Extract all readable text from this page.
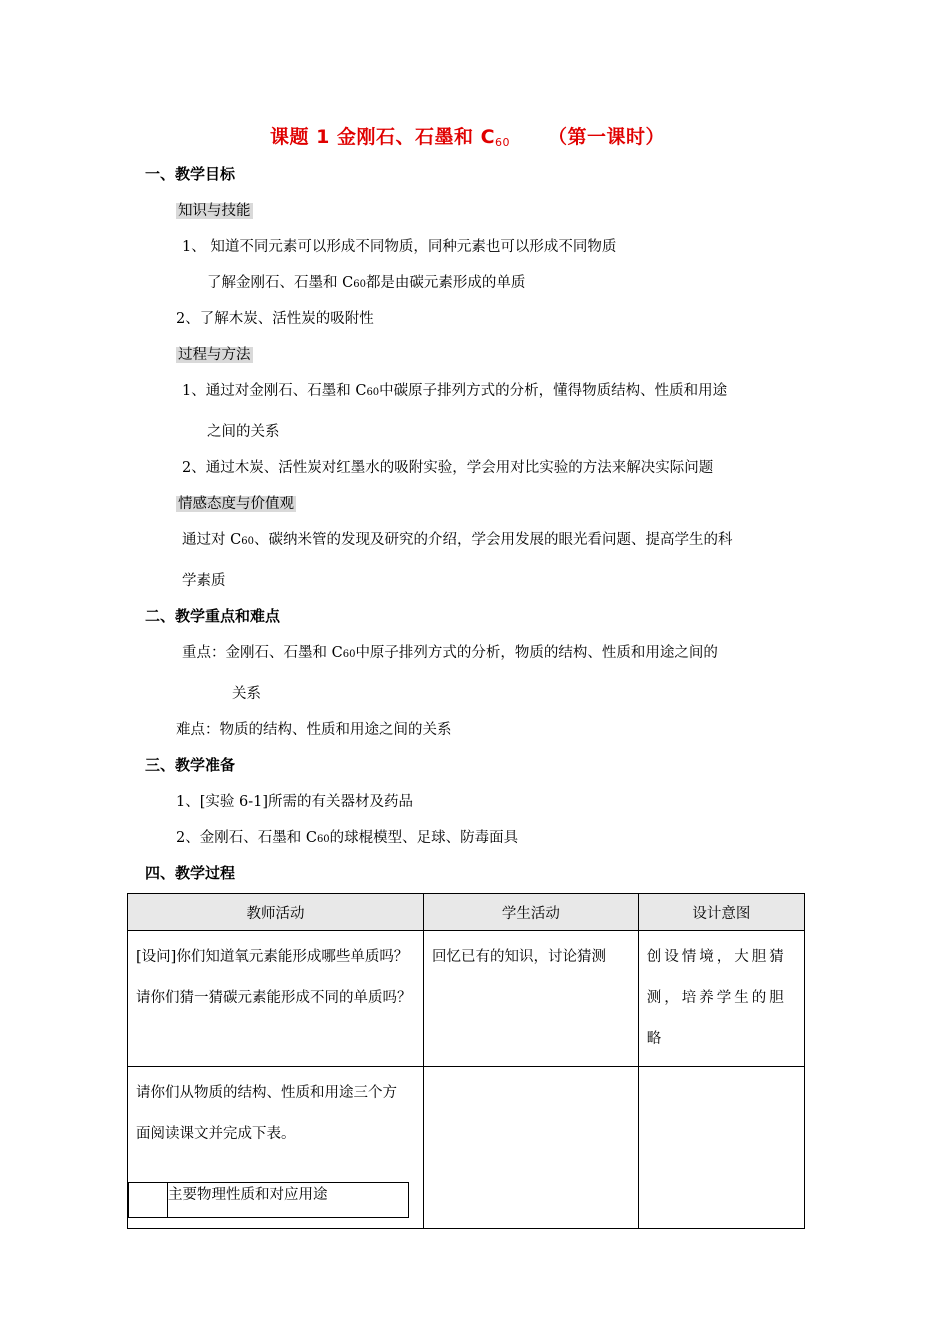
课题 1 金刚石、石墨和 C60 （第一课时）
一、教学目标
知识与技能
1、 知道不同元素可以形成不同物质，同种元素也可以形成不同物质
了解金刚石、石墨和 C60都是由碳元素形成的单质
2、了解木炭、活性炭的吸附性
过程与方法
1、通过对金刚石、石墨和 C60中碳原子排列方式的分析，懂得物质结构、性质和用途
之间的关系
2、通过木炭、活性炭对红墨水的吸附实验，学会用对比实验的方法来解决实际问题
情感态度与价值观
通过对 C60、碳纳米管的发现及研究的介绍，学会用发展的眼光看问题、提高学生的科
学素质
二、教学重点和难点
重点：金刚石、石墨和 C60中原子排列方式的分析，物质的结构、性质和用途之间的
关系
难点：物质的结构、性质和用途之间的关系
三、教学准备
1、[实验 6-1]所需的有关器材及药品
2、金刚石、石墨和 C60的球棍模型、足球、防毒面具
四、教学过程
教师活动	学生活动	设计意图
[设问]你们知道氧元素能形成哪些单质吗？请你们猜一猜碳元素能形成不同的单质吗？	回忆已有的知识，讨论猜测	创设情境，大胆猜测，培养学生的胆略

请你们从物质的结构、性质和用途三个方面阅读课文并完成下表。
	主要物理性质和对应用途
